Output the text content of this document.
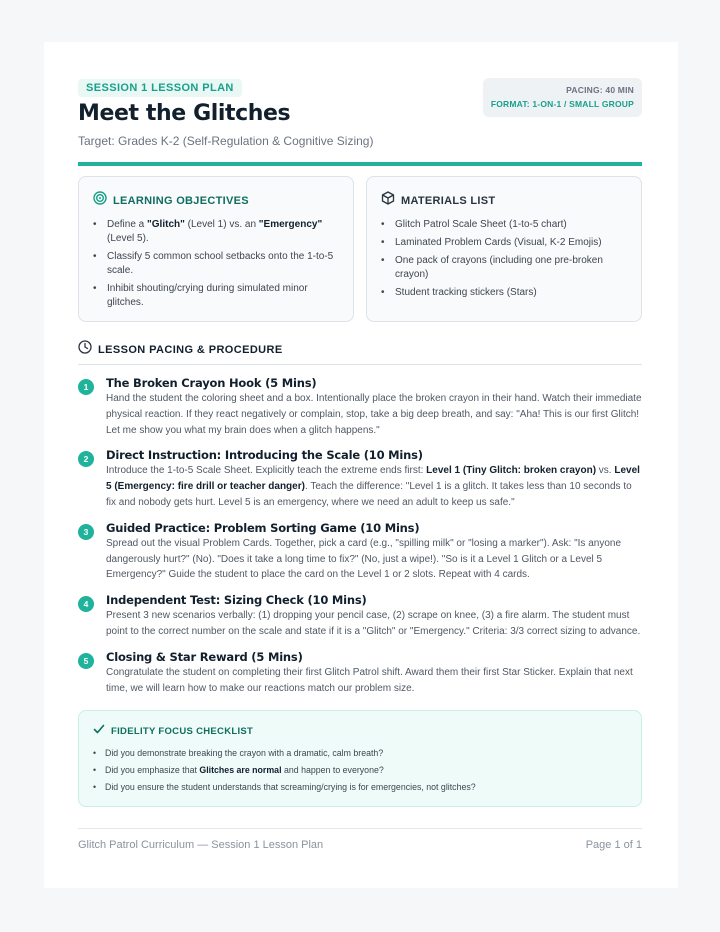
SESSION 1 LESSON PLAN
Meet the Glitches
Target: Grades K-2 (Self-Regulation & Cognitive Sizing)
PACING: 40 MIN
FORMAT: 1-ON-1 / SMALL GROUP
LEARNING OBJECTIVES
• Define a "Glitch" (Level 1) vs. an "Emergency" (Level 5).
• Classify 5 common school setbacks onto the 1-to-5 scale.
• Inhibit shouting/crying during simulated minor glitches.
MATERIALS LIST
• Glitch Patrol Scale Sheet (1-to-5 chart)
• Laminated Problem Cards (Visual, K-2 Emojis)
• One pack of crayons (including one pre-broken crayon)
• Student tracking stickers (Stars)
LESSON PACING & PROCEDURE
1	The Broken Crayon Hook (5 Mins)
Hand the student the coloring sheet and a box. Intentionally place the broken crayon in their hand. Watch their immediate physical reaction. If they react negatively or complain, stop, take a big deep breath, and say: "Aha! This is our first Glitch! Let me show you what my brain does when a glitch happens."
2	Direct Instruction: Introducing the Scale (10 Mins)
Introduce the 1-to-5 Scale Sheet. Explicitly teach the extreme ends first: Level 1 (Tiny Glitch: broken crayon) vs. Level 5 (Emergency: fire drill or teacher danger). Teach the difference: "Level 1 is a glitch. It takes less than 10 seconds to fix and nobody gets hurt. Level 5 is an emergency, where we need an adult to keep us safe."
3	Guided Practice: Problem Sorting Game (10 Mins)
Spread out the visual Problem Cards. Together, pick a card (e.g., "spilling milk" or "losing a marker"). Ask: "Is anyone dangerously hurt?" (No). "Does it take a long time to fix?" (No, just a wipe!). "So is it a Level 1 Glitch or a Level 5 Emergency?" Guide the student to place the card on the Level 1 or 2 slots. Repeat with 4 cards.
4	Independent Test: Sizing Check (10 Mins)
Present 3 new scenarios verbally: (1) dropping your pencil case, (2) scrape on knee, (3) a fire alarm. The student must point to the correct number on the scale and state if it is a "Glitch" or "Emergency." Criteria: 3/3 correct sizing to advance.
5	Closing & Star Reward (5 Mins)
Congratulate the student on completing their first Glitch Patrol shift. Award them their first Star Sticker. Explain that next time, we will learn how to make our reactions match our problem size.
FIDELITY FOCUS CHECKLIST
• Did you demonstrate breaking the crayon with a dramatic, calm breath?
• Did you emphasize that Glitches are normal and happen to everyone?
• Did you ensure the student understands that screaming/crying is for emergencies, not glitches?
Glitch Patrol Curriculum — Session 1 Lesson Plan	Page 1 of 1
